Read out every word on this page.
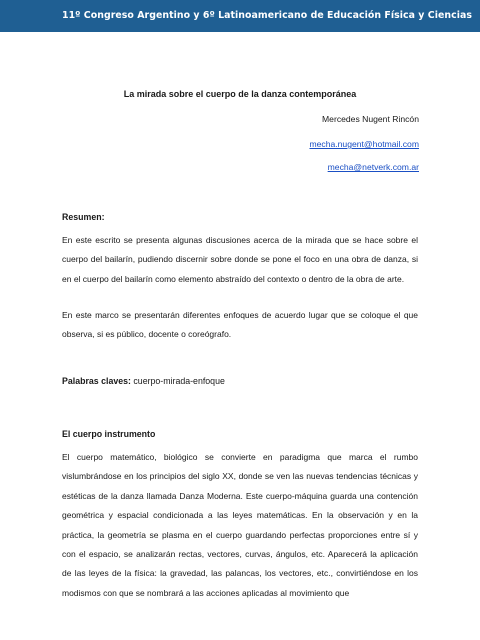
11º Congreso Argentino y 6º Latinoamericano de Educación Física y Ciencias
La mirada sobre el cuerpo de la danza contemporánea
Mercedes Nugent Rincón
mecha.nugent@hotmail.com
mecha@netverk.com.ar
Resumen:

En este escrito se presenta algunas discusiones acerca de la mirada que se hace sobre el cuerpo del bailarín, pudiendo discernir sobre donde se pone el foco en una obra de danza, si en el cuerpo del bailarín como elemento abstraído del contexto o dentro de la obra de arte.

En este marco se presentarán diferentes enfoques de acuerdo lugar que se coloque el que observa, si es público, docente o coreógrafo.

Palabras claves: cuerpo-mirada-enfoque
El cuerpo instrumento

El cuerpo matemático, biológico se convierte en paradigma que marca el rumbo vislumbrándose en los principios del siglo XX, donde se ven las nuevas tendencias técnicas y estéticas de la danza llamada Danza Moderna. Este cuerpo-máquina guarda una contención geométrica y espacial condicionada a las leyes matemáticas. En la observación y en la práctica, la geometría se plasma en el cuerpo guardando perfectas proporciones entre sí y con el espacio, se analizarán rectas, vectores, curvas, ángulos, etc. Aparecerá la aplicación de las leyes de la física: la gravedad, las palancas, los vectores, etc., convirtiéndose en los modismos con que se nombrará a las acciones aplicadas al movimiento que
